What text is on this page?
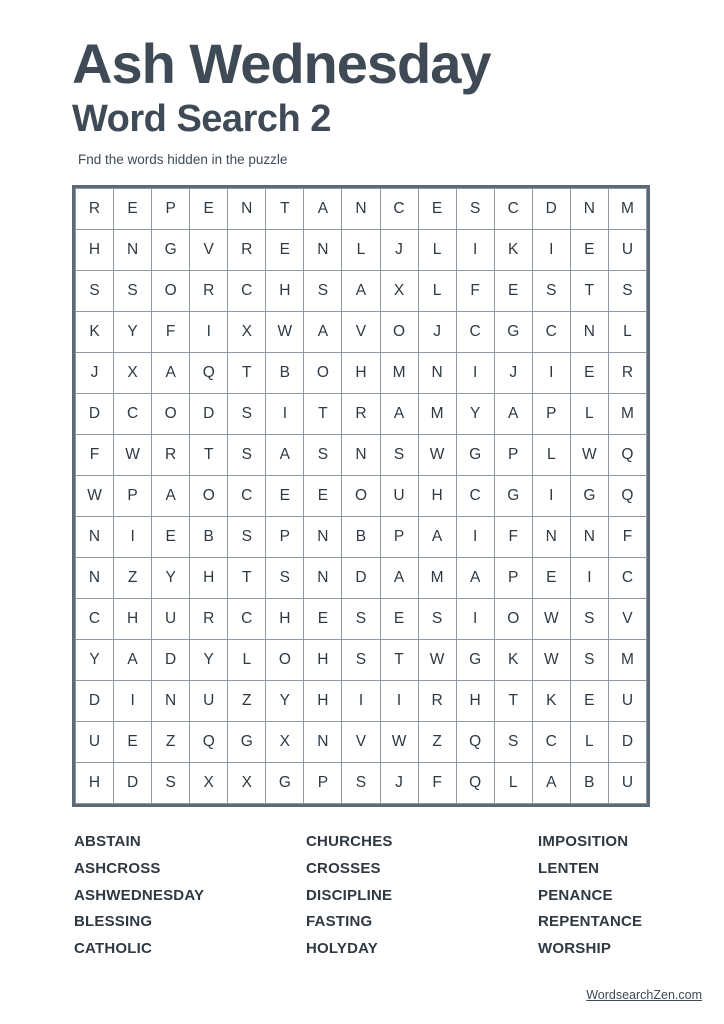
Ash Wednesday
Word Search 2
Fnd the words hidden in the puzzle
R	E	P	E	N	T	A	N	C	E	S	C	D	N	M
H	N	G	V	R	E	N	L	J	L	I	K	I	E	U
S	S	O	R	C	H	S	A	X	L	F	E	S	T	S
K	Y	F	I	X	W	A	V	O	J	C	G	C	N	L
J	X	A	Q	T	B	O	H	M	N	I	J	I	E	R
D	C	O	D	S	I	T	R	A	M	Y	A	P	L	M
F	W	R	T	S	A	S	N	S	W	G	P	L	W	Q
W	P	A	O	C	E	E	O	U	H	C	G	I	G	Q
N	I	E	B	S	P	N	B	P	A	I	F	N	N	F
N	Z	Y	H	T	S	N	D	A	M	A	P	E	I	C
C	H	U	R	C	H	E	S	E	S	I	O	W	S	V
Y	A	D	Y	L	O	H	S	T	W	G	K	W	S	M
D	I	N	U	Z	Y	H	I	I	R	H	T	K	E	U
U	E	Z	Q	G	X	N	V	W	Z	Q	S	C	L	D
H	D	S	X	X	G	P	S	J	F	Q	L	A	B	U
ABSTAIN
ASHCROSS
ASHWEDNESDAY
BLESSING
CATHOLIC
CHURCHES
CROSSES
DISCIPLINE
FASTING
HOLYDAY
IMPOSITION
LENTEN
PENANCE
REPENTANCE
WORSHIP
WordsearchZen.com
